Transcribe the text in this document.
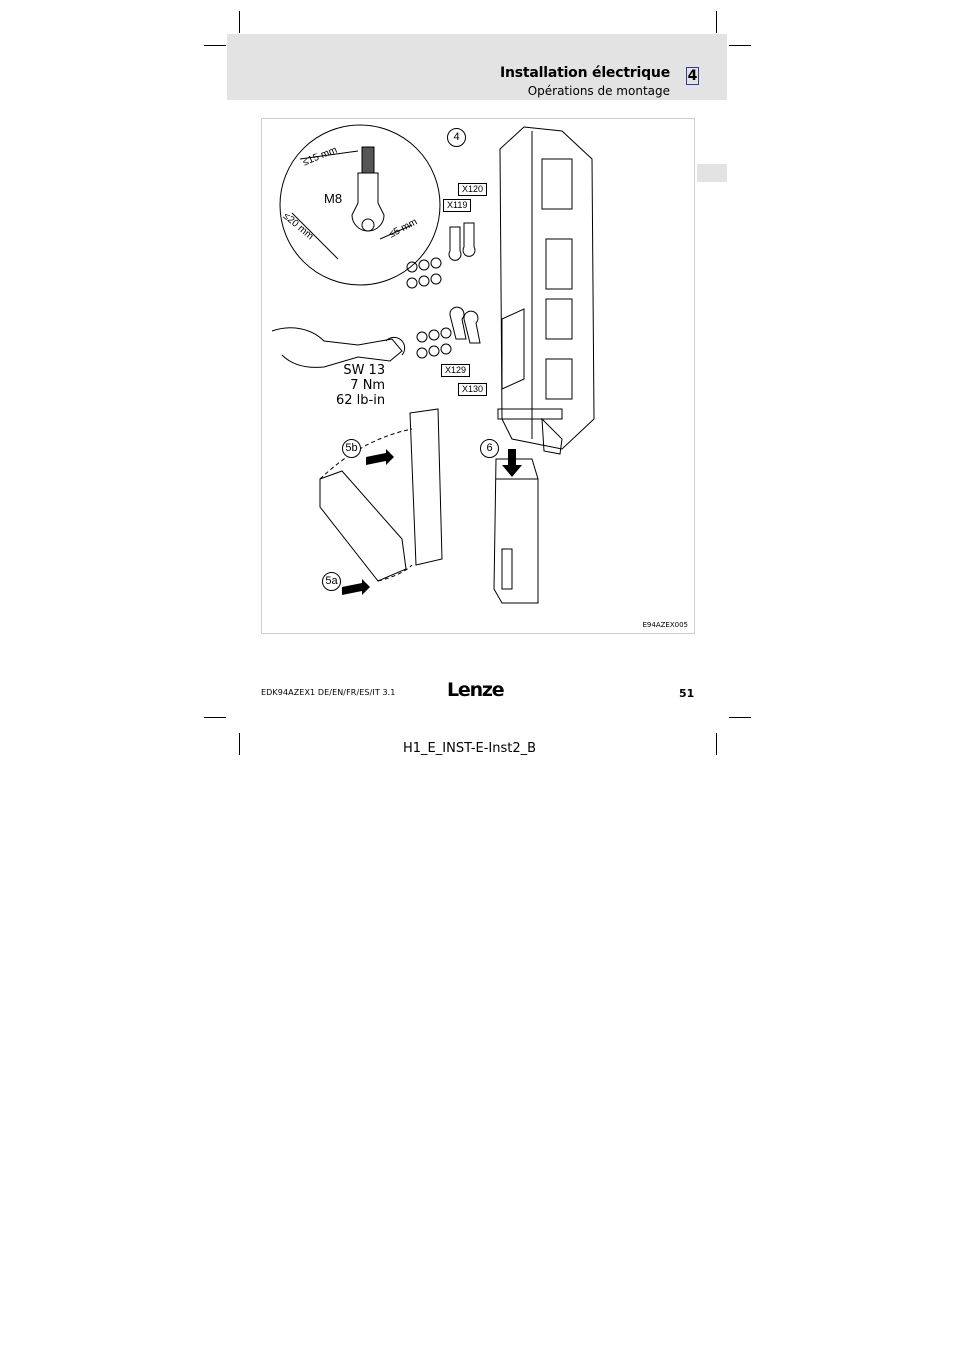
Installation électrique
Opérations de montage
4
4
5b	6
5a
M8
≤15 mm
≤20 mm	≤5 mm
X120
X119
X129
X130
SW 13
7 Nm
62 lb-in
E94AZEX005
EDK94AZEX1 DE/EN/FR/ES/IT 3.1	Lenze	51
H1_E_INST-E-Inst2_B
